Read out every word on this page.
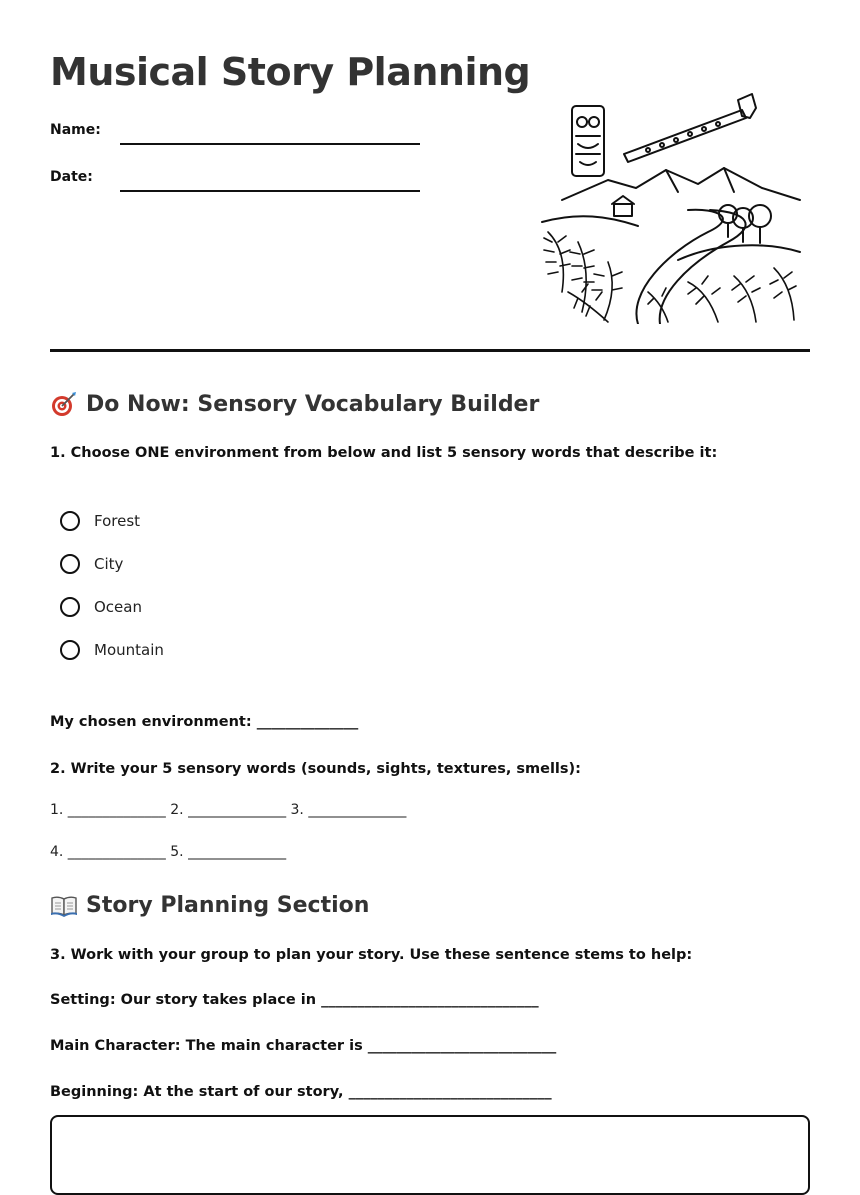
Musical Story Planning
Name:
Date:
Do Now: Sensory Vocabulary Builder

1. Choose ONE environment from below and list 5 sensory words that describe it:

Forest
City
Ocean
Mountain
My chosen environment: ______________

2. Write your 5 sensory words (sounds, sights, textures, smells):

1. ______________ 2. ______________ 3. ______________
4. ______________ 5. ______________
Story Planning Section

3. Work with your group to plan your story. Use these sentence stems to help:

Setting: Our story takes place in ______________________________
Main Character: The main character is __________________________
Beginning: At the start of our story, ____________________________
